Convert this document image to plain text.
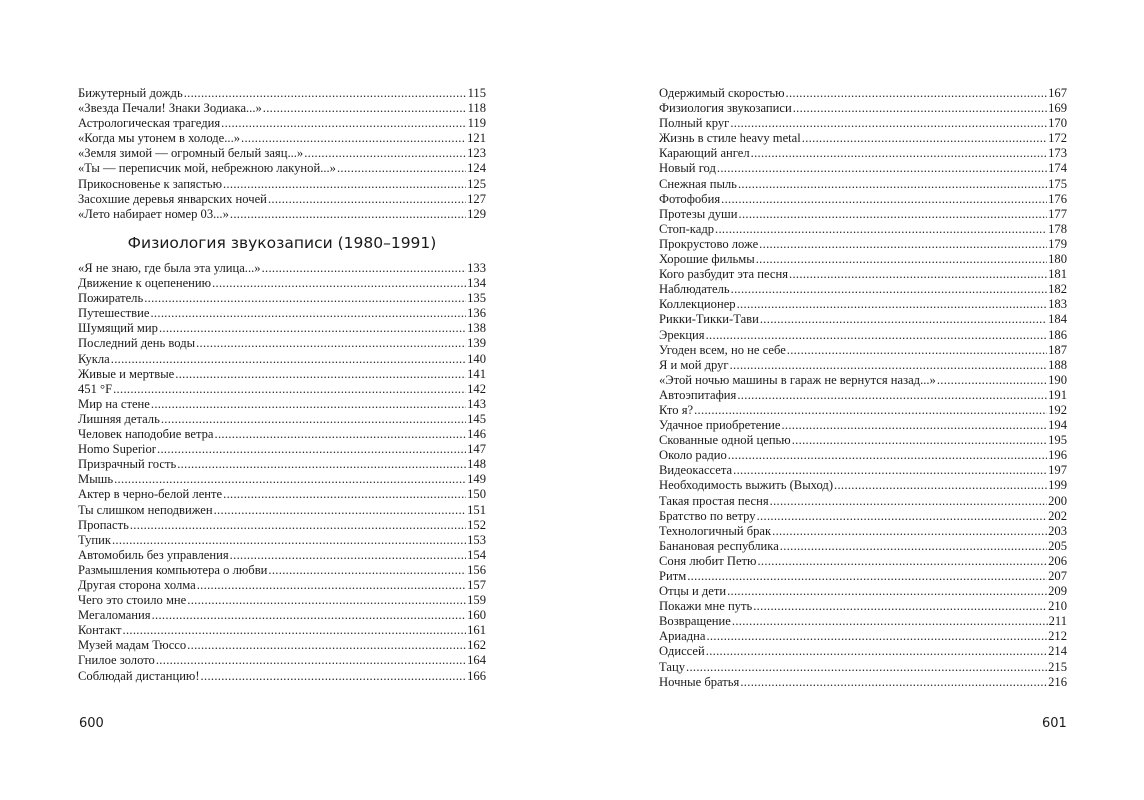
Бижутерный дождь .....	115
«Звезда Печали! Знаки Зодиака...» .....	118
Астрологическая трагедия .....	119
«Когда мы утонем в холоде...» .....	121
«Земля зимой — огромный белый заяц...» .....	123
«Ты — переписчик мой, небрежною лакуной...» .....	124
Прикосновенье к запястью .....	125
Засохшие деревья январских ночей .....	127
«Лето набирает номер 03...» .....	129
Физиология звукозаписи (1980–1991)
«Я не знаю, где была эта улица...» .....	133
Движение к оцепенению .....	134
Пожиратель .....	135
Путешествие .....	136
Шумящий мир .....	138
Последний день воды .....	139
Кукла .....	140
Живые и мертвые .....	141
451 °F .....	142
Мир на стене .....	143
Лишняя деталь .....	145
Человек наподобие ветра .....	146
Homo Superior .....	147
Призрачный гость .....	148
Мышь .....	149
Актер в черно-белой ленте .....	150
Ты слишком неподвижен .....	151
Пропасть .....	152
Тупик .....	153
Автомобиль без управления .....	154
Размышления компьютера о любви .....	156
Другая сторона холма .....	157
Чего это стоило мне .....	159
Мегаломания .....	160
Контакт .....	161
Музей мадам Тюссо .....	162
Гнилое золото .....	164
Соблюдай дистанцию! .....	166
600
Одержимый скоростью .....	167
Физиология звукозаписи .....	169
Полный круг .....	170
Жизнь в стиле heavy metal .....	172
Карающий ангел .....	173
Новый год .....	174
Снежная пыль .....	175
Фотофобия .....	176
Протезы души .....	177
Стоп-кадр .....	178
Прокрустово ложе .....	179
Хорошие фильмы .....	180
Кого разбудит эта песня .....	181
Наблюдатель .....	182
Коллекционер .....	183
Рикки-Тикки-Тави .....	184
Эрекция .....	186
Угоден всем, но не себе .....	187
Я и мой друг .....	188
«Этой ночью машины в гараж не вернутся назад...» .....	190
Автоэпитафия .....	191
Кто я? .....	192
Удачное приобретение .....	194
Скованные одной цепью .....	195
Около радио .....	196
Видеокассета .....	197
Необходимость выжить (Выход) .....	199
Такая простая песня .....	200
Братство по ветру .....	202
Технологичный брак .....	203
Банановая республика .....	205
Соня любит Петю .....	206
Ритм .....	207
Отцы и дети .....	209
Покажи мне путь .....	210
Возвращение .....	211
Ариадна .....	212
Одиссей .....	214
Тацу .....	215
Ночные братья .....	216
601
